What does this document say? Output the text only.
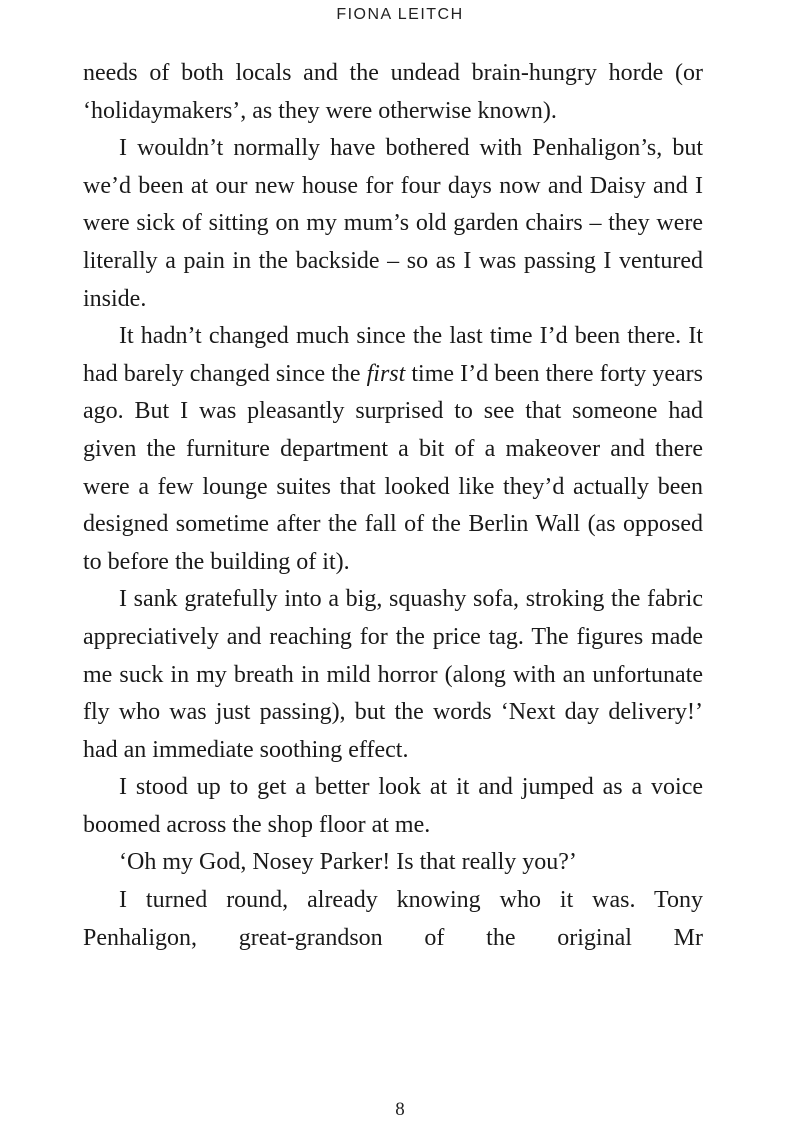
FIONA LEITCH

needs of both locals and the undead brain-hungry horde (or ‘holidaymakers’, as they were otherwise known).

I wouldn’t normally have bothered with Penhaligon’s, but we’d been at our new house for four days now and Daisy and I were sick of sitting on my mum’s old garden chairs – they were literally a pain in the backside – so as I was passing I ventured inside.

It hadn’t changed much since the last time I’d been there. It had barely changed since the first time I’d been there forty years ago. But I was pleasantly surprised to see that someone had given the furniture department a bit of a makeover and there were a few lounge suites that looked like they’d actually been designed sometime after the fall of the Berlin Wall (as opposed to before the building of it).

I sank gratefully into a big, squashy sofa, stroking the fabric appreciatively and reaching for the price tag. The figures made me suck in my breath in mild horror (along with an unfortunate fly who was just passing), but the words ‘Next day delivery!’ had an immediate soothing effect.

I stood up to get a better look at it and jumped as a voice boomed across the shop floor at me.

‘Oh my God, Nosey Parker! Is that really you?’

I turned round, already knowing who it was. Tony Penhaligon, great-grandson of the original Mr

8
